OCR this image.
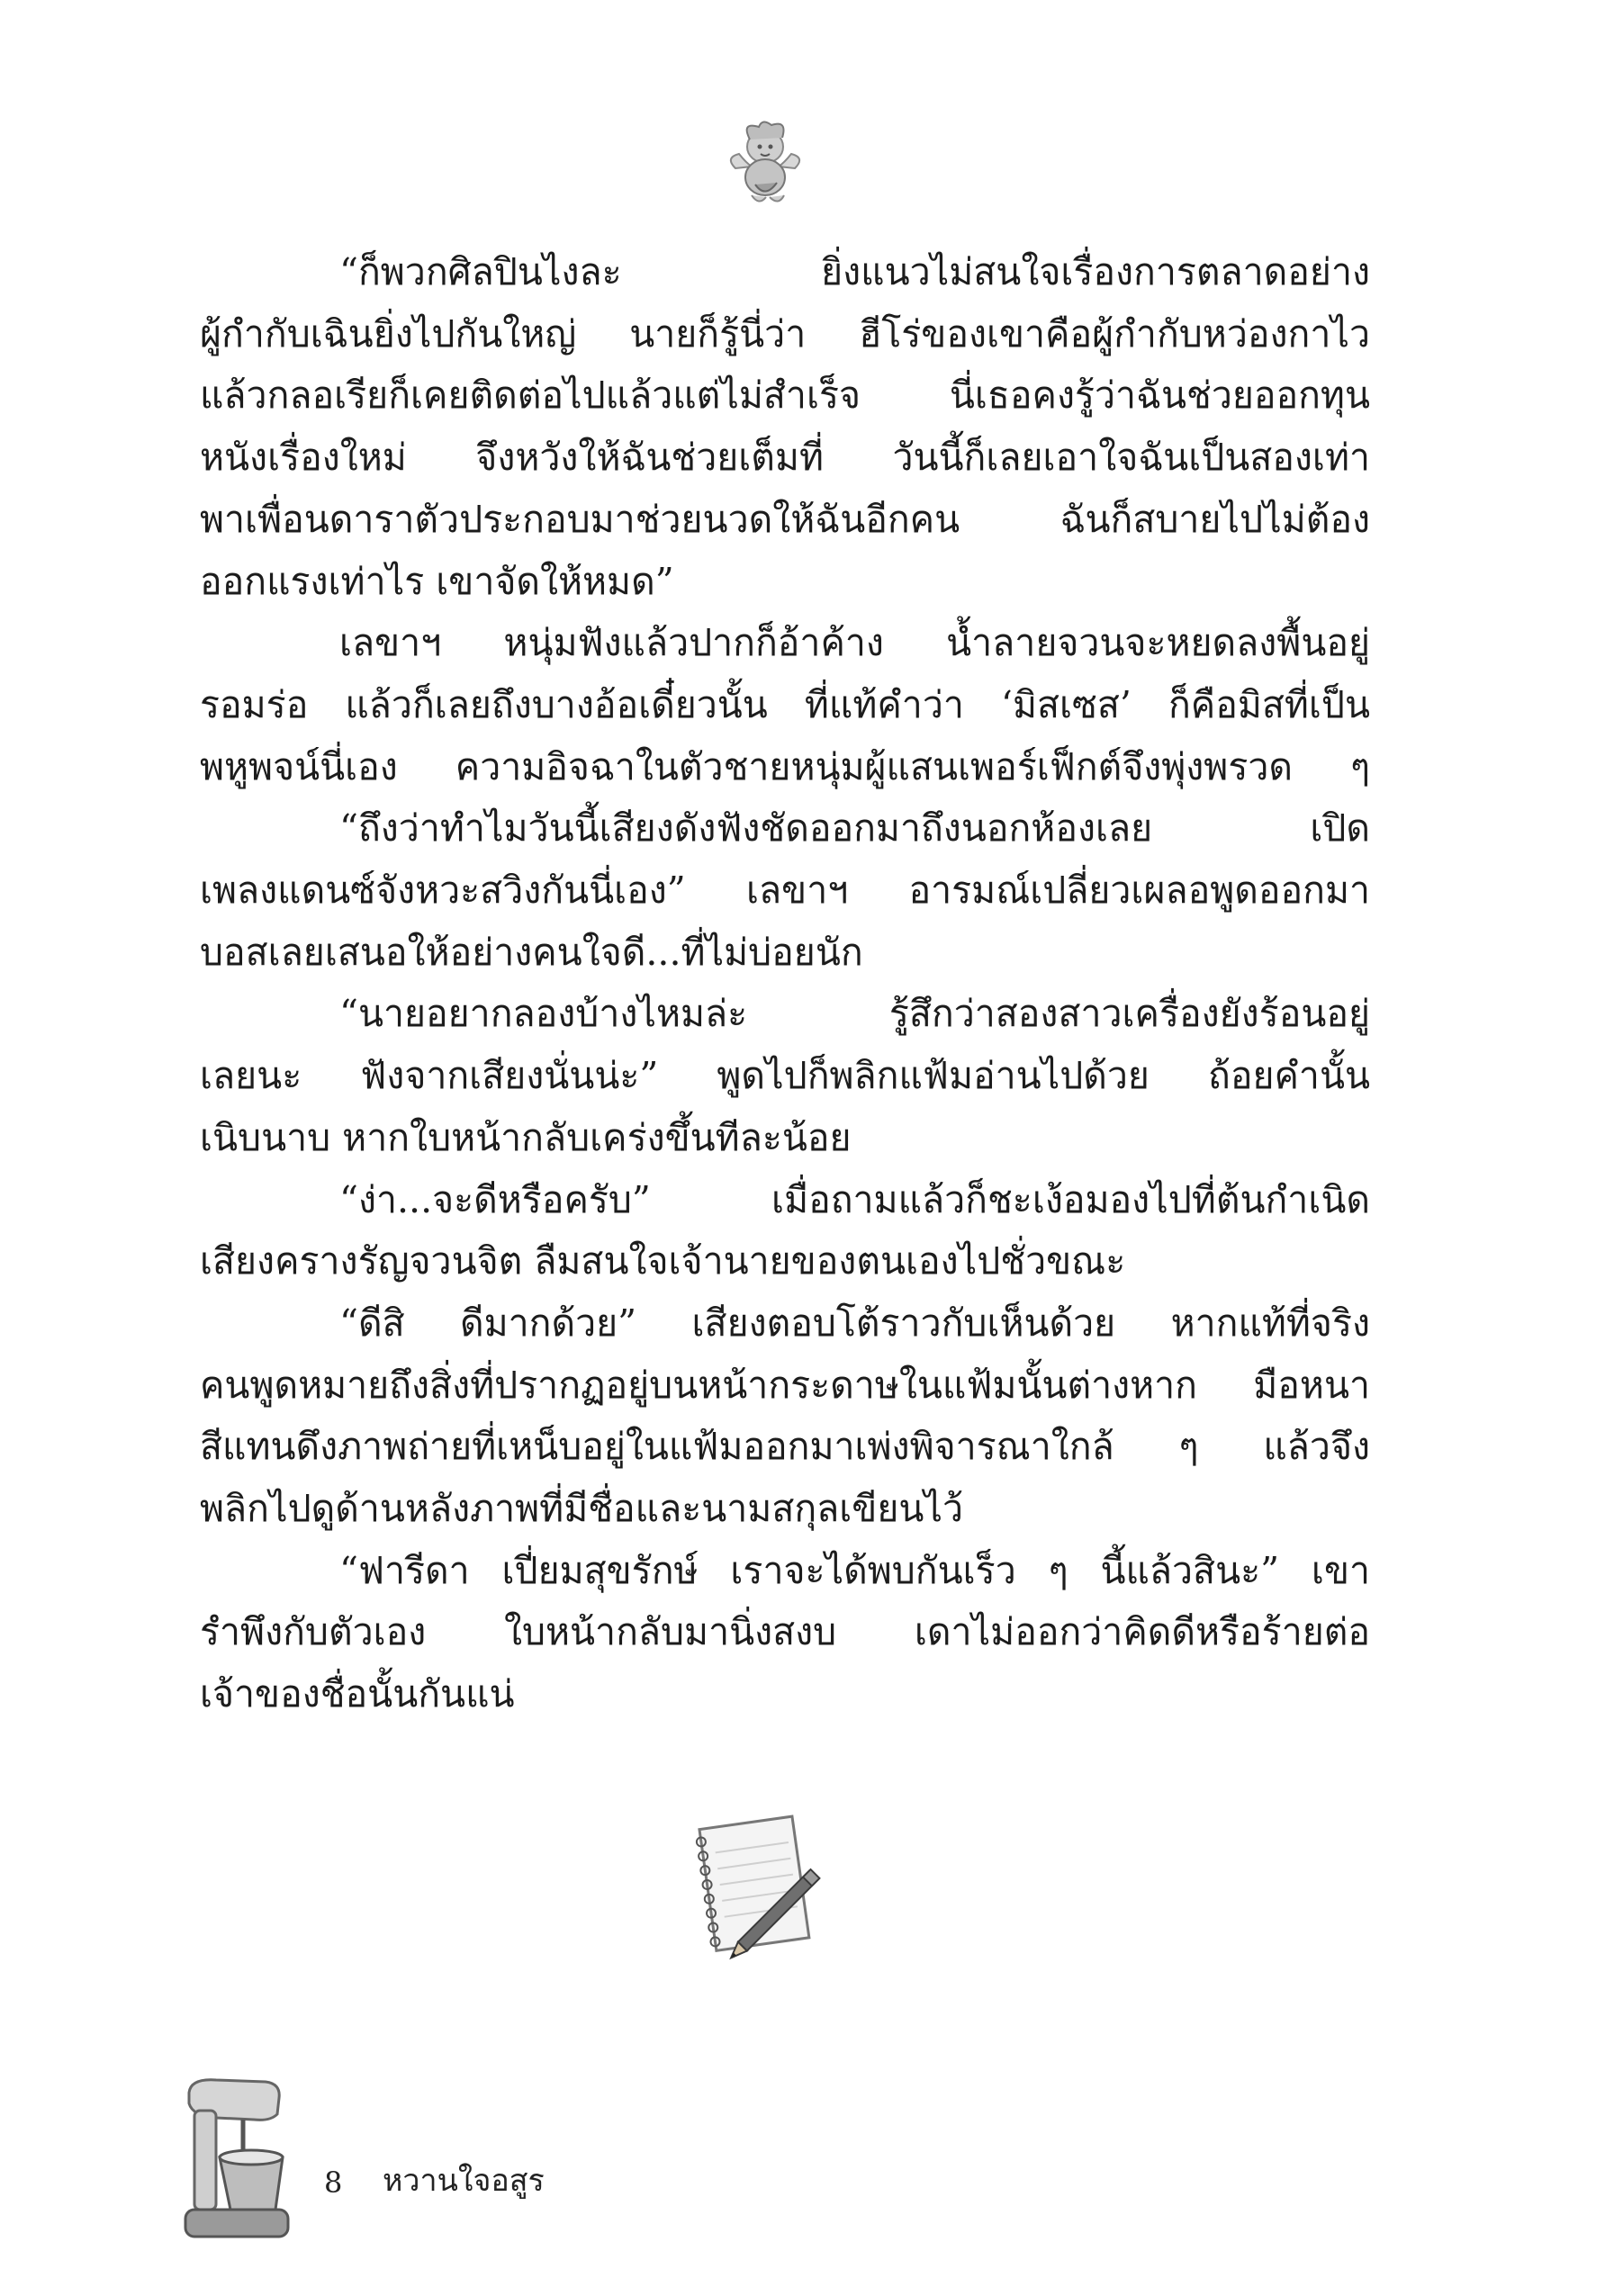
“ก็พวกศิลปินไงละ ยิ่งแนวไม่สนใจเรื่องการตลาดอย่าง
ผู้กำกับเฉินยิ่งไปกันใหญ่ นายก็รู้นี่ว่า ฮีโร่ของเขาคือผู้กำกับหว่องกาไว
แล้วกลอเรียก็เคยติดต่อไปแล้วแต่ไม่สำเร็จ นี่เธอคงรู้ว่าฉันช่วยออกทุน
หนังเรื่องใหม่ จึงหวังให้ฉันช่วยเต็มที่ วันนี้ก็เลยเอาใจฉันเป็นสองเท่า
พาเพื่อนดาราตัวประกอบมาช่วยนวดให้ฉันอีกคน ฉันก็สบายไปไม่ต้อง
ออกแรงเท่าไร เขาจัดให้หมด”

เลขาฯ หนุ่มฟังแล้วปากก็อ้าค้าง น้ำลายจวนจะหยดลงพื้นอยู่
รอมร่อ แล้วก็เลยถึงบางอ้อเดี๋ยวนั้น ที่แท้คำว่า ‘มิสเซส’ ก็คือมิสที่เป็น
พหูพจน์นี่เอง ความอิจฉาในตัวชายหนุ่มผู้แสนเพอร์เฟ็กต์จึงพุ่งพรวด ๆ

“ถึงว่าทำไมวันนี้เสียงดังฟังชัดออกมาถึงนอกห้องเลย เปิด
เพลงแดนซ์จังหวะสวิงกันนี่เอง” เลขาฯ อารมณ์เปลี่ยวเผลอพูดออกมา
บอสเลยเสนอให้อย่างคนใจดี...ที่ไม่บ่อยนัก

“นายอยากลองบ้างไหมล่ะ รู้สึกว่าสองสาวเครื่องยังร้อนอยู่
เลยนะ ฟังจากเสียงนั่นน่ะ” พูดไปก็พลิกแฟ้มอ่านไปด้วย ถ้อยคำนั้น
เนิบนาบ หากใบหน้ากลับเคร่งขึ้นทีละน้อย

“ง่า...จะดีหรือครับ” เมื่อถามแล้วก็ชะเง้อมองไปที่ต้นกำเนิด
เสียงครางรัญจวนจิต ลืมสนใจเจ้านายของตนเองไปชั่วขณะ

“ดีสิ ดีมากด้วย” เสียงตอบโต้ราวกับเห็นด้วย หากแท้ที่จริง
คนพูดหมายถึงสิ่งที่ปรากฏอยู่บนหน้ากระดาษในแฟ้มนั้นต่างหาก มือหนา
สีแทนดึงภาพถ่ายที่เหน็บอยู่ในแฟ้มออกมาเพ่งพิจารณาใกล้ ๆ แล้วจึง
พลิกไปดูด้านหลังภาพที่มีชื่อและนามสกุลเขียนไว้

“ฟารีดา เปี่ยมสุขรักษ์ เราจะได้พบกันเร็ว ๆ นี้แล้วสินะ” เขา
รำพึงกับตัวเอง ใบหน้ากลับมานิ่งสงบ เดาไม่ออกว่าคิดดีหรือร้ายต่อ
เจ้าของชื่อนั้นกันแน่

8 หวานใจอสูร
